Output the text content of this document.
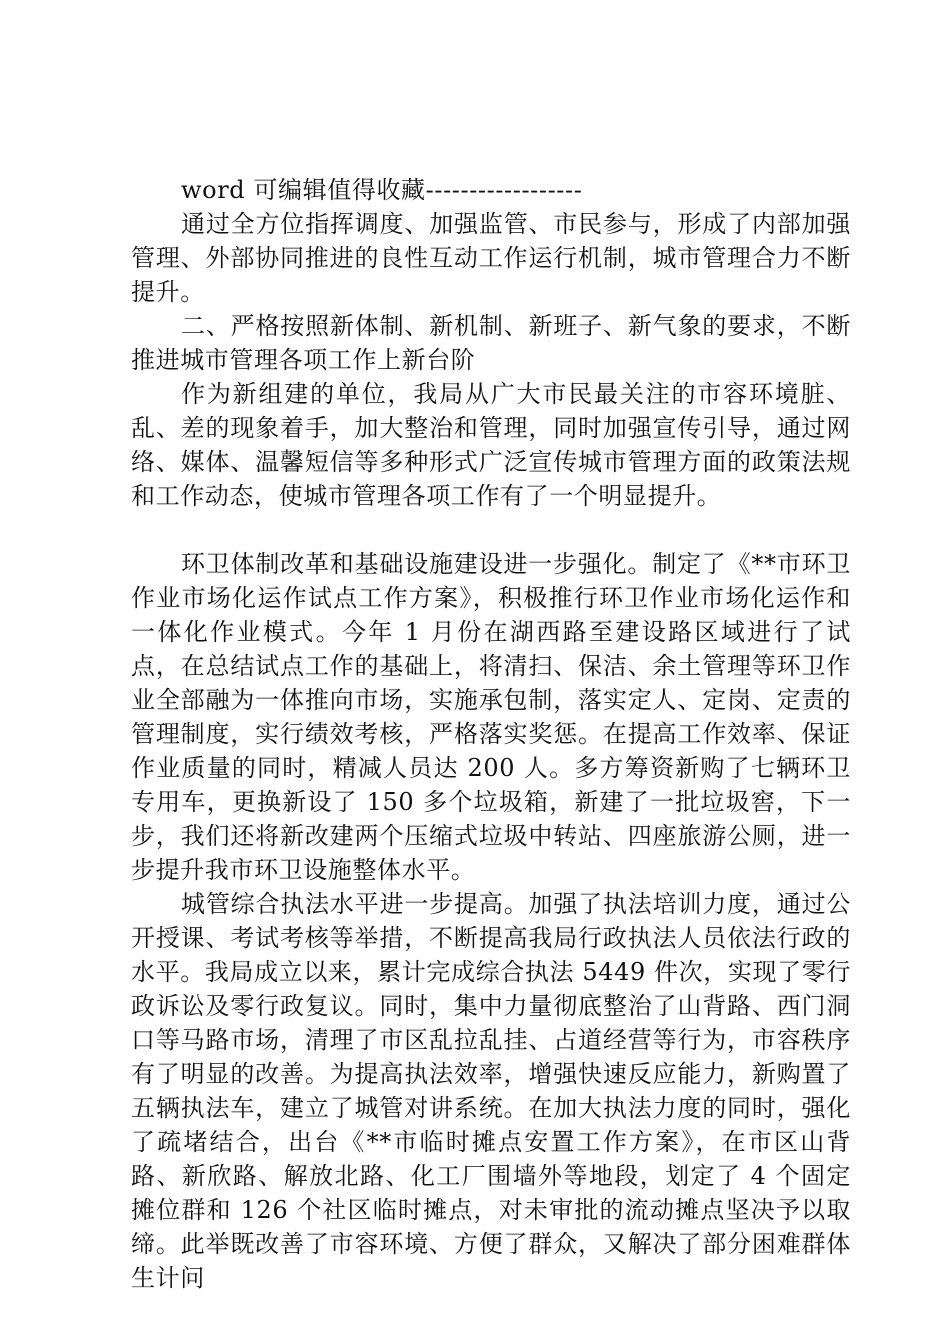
word 可编辑值得收藏------------------

通过全方位指挥调度、加强监管、市民参与，形成了内部加强管理、外部协同推进的良性互动工作运行机制，城市管理合力不断提升。

二、严格按照新体制、新机制、新班子、新气象的要求，不断推进城市管理各项工作上新台阶

作为新组建的单位，我局从广大市民最关注的市容环境脏、乱、差的现象着手，加大整治和管理，同时加强宣传引导，通过网络、媒体、温馨短信等多种形式广泛宣传城市管理方面的政策法规和工作动态，使城市管理各项工作有了一个明显提升。

环卫体制改革和基础设施建设进一步强化。制定了《**市环卫作业市场化运作试点工作方案》，积极推行环卫作业市场化运作和一体化作业模式。今年 1 月份在湖西路至建设路区域进行了试点，在总结试点工作的基础上，将清扫、保洁、余土管理等环卫作业全部融为一体推向市场，实施承包制，落实定人、定岗、定责的管理制度，实行绩效考核，严格落实奖惩。在提高工作效率、保证作业质量的同时，精减人员达 200 人。多方筹资新购了七辆环卫专用车，更换新设了 150 多个垃圾箱，新建了一批垃圾窖，下一步，我们还将新改建两个压缩式垃圾中转站、四座旅游公厕，进一步提升我市环卫设施整体水平。

城管综合执法水平进一步提高。加强了执法培训力度，通过公开授课、考试考核等举措，不断提高我局行政执法人员依法行政的水平。我局成立以来，累计完成综合执法 5449 件次，实现了零行政诉讼及零行政复议。同时，集中力量彻底整治了山背路、西门洞口等马路市场，清理了市区乱拉乱挂、占道经营等行为，市容秩序有了明显的改善。为提高执法效率，增强快速反应能力，新购置了五辆执法车，建立了城管对讲系统。在加大执法力度的同时，强化了疏堵结合，出台《**市临时摊点安置工作方案》，在市区山背路、新欣路、解放北路、化工厂围墙外等地段，划定了 4 个固定摊位群和 126 个社区临时摊点，对未审批的流动摊点坚决予以取缔。此举既改善了市容环境、方便了群众，又解决了部分困难群体生计问
